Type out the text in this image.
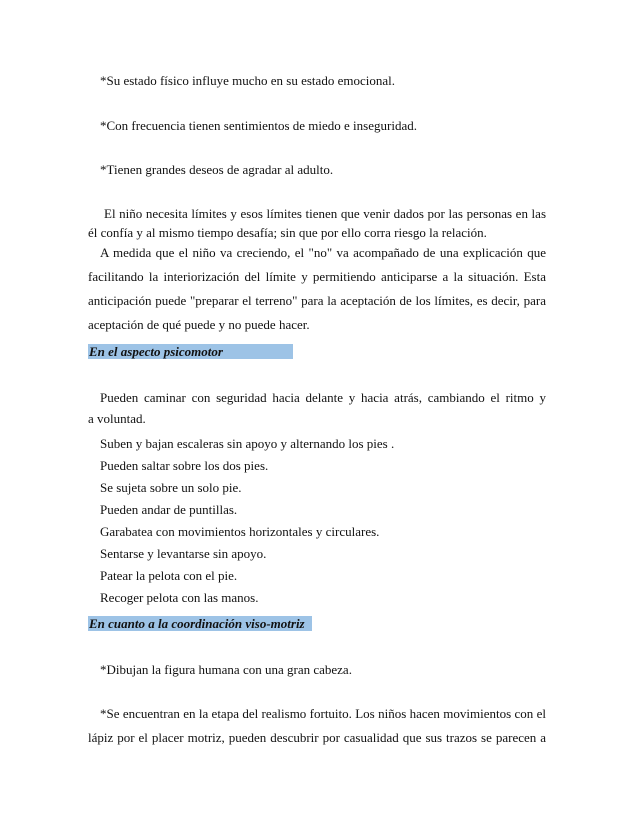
*Su estado físico influye mucho en su estado emocional.
*Con frecuencia tienen sentimientos de miedo e inseguridad.
*Tienen grandes deseos de agradar al adulto.
El niño necesita límites y esos límites tienen que venir dados por las personas en las
él confía y al mismo tiempo desafía; sin que por ello corra riesgo la relación.
A medida que el niño va creciendo, el "no" va acompañado de una explicación que
facilitando la interiorización del límite y permitiendo anticiparse a la situación. Esta
anticipación puede "preparar el terreno" para la aceptación de los límites, es decir, para
aceptación de qué puede y no puede hacer.
En el aspecto psicomotor
Pueden caminar con seguridad hacia delante y hacia atrás, cambiando el ritmo y
a voluntad.
Suben y bajan escaleras sin apoyo y alternando los pies .
Pueden saltar sobre los dos pies.
Se sujeta sobre un solo pie.
Pueden andar de puntillas.
Garabatea con movimientos horizontales y circulares.
Sentarse y levantarse sin apoyo.
Patear la pelota con el pie.
Recoger pelota con las manos.
En cuanto a la coordinación viso-motriz
*Dibujan la figura humana con una gran cabeza.
*Se encuentran en la etapa del realismo fortuito. Los niños hacen movimientos con el
lápiz por el placer motriz, pueden descubrir por casualidad que sus trazos se parecen a
